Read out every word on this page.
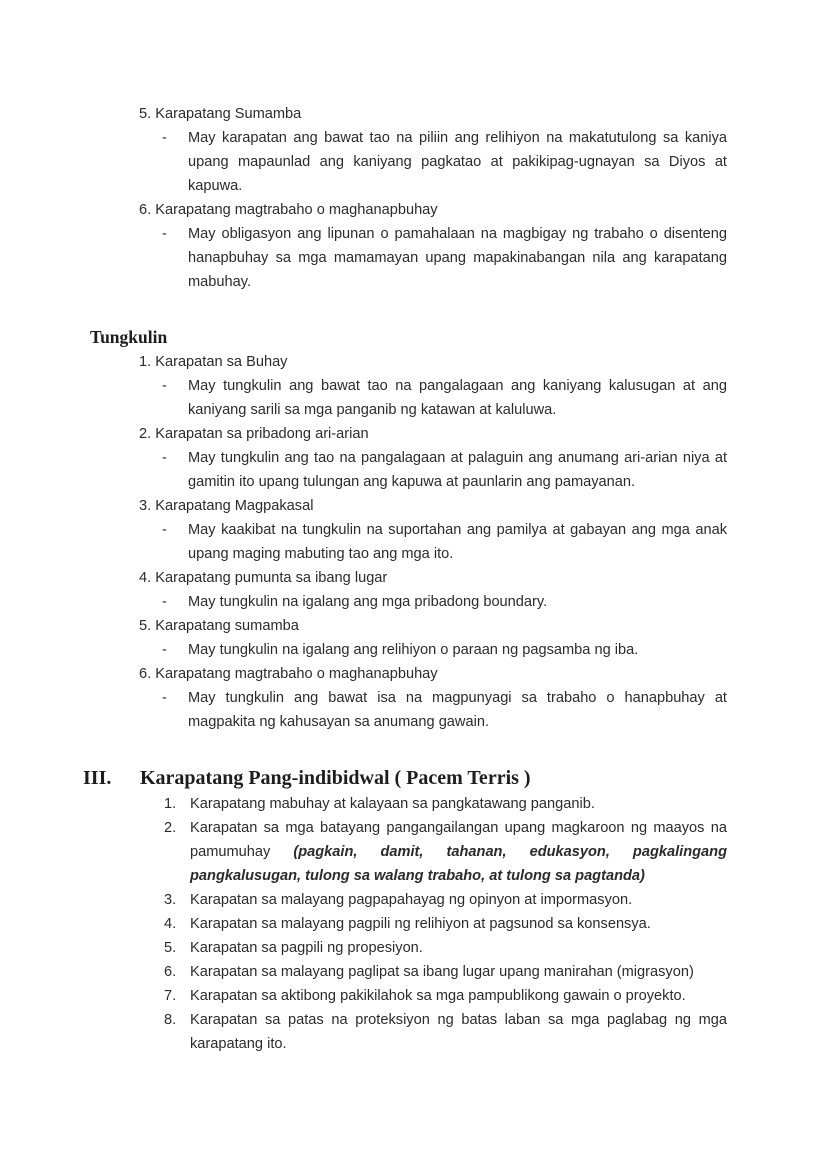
5. Karapatang Sumamba

-	May karapatan ang bawat tao na piliin ang relihiyon na makatutulong sa kaniya upang mapaunlad ang kaniyang pagkatao at pakikipag-ugnayan sa Diyos at kapuwa.

6. Karapatang magtrabaho o maghanapbuhay

-	May obligasyon ang lipunan o pamahalaan na magbigay ng trabaho o disenteng hanapbuhay sa mga mamamayan upang mapakinabangan nila ang karapatang mabuhay.

Tungkulin

1. Karapatan sa Buhay

-	May tungkulin ang bawat tao na pangalagaan ang kaniyang kalusugan at ang kaniyang sarili sa mga panganib ng katawan at kaluluwa.

2. Karapatan sa pribadong ari-arian

-	May tungkulin ang tao na pangalagaan at palaguin ang anumang ari-arian niya at gamitin ito upang tulungan ang kapuwa at paunlarin ang pamayanan.

3. Karapatang Magpakasal

-	May kaakibat na tungkulin na suportahan ang pamilya at gabayan ang mga anak upang maging mabuting tao ang mga ito.

4. Karapatang pumunta sa ibang lugar

-	May tungkulin na igalang ang mga pribadong boundary.

5. Karapatang sumamba

-	May tungkulin na igalang ang relihiyon o paraan ng pagsamba ng iba.

6. Karapatang magtrabaho o maghanapbuhay

-	May tungkulin ang bawat isa na magpunyagi sa trabaho o hanapbuhay at magpakita ng kahusayan sa anumang gawain.

III. Karapatang Pang-indibidwal ( Pacem Terris )

1. Karapatang mabuhay at kalayaan sa pangkatawang panganib.

2. Karapatan sa mga batayang pangangailangan upang magkaroon ng maayos na pamumuhay (pagkain, damit, tahanan, edukasyon, pagkalingang pangkalusugan, tulong sa walang trabaho, at tulong sa pagtanda)

3. Karapatan sa malayang pagpapahayag ng opinyon at impormasyon.

4. Karapatan sa malayang pagpili ng relihiyon at pagsunod sa konsensya.

5. Karapatan sa pagpili ng propesiyon.

6. Karapatan sa malayang paglipat sa ibang lugar upang manirahan (migrasyon)

7. Karapatan sa aktibong pakikilahok sa mga pampublikong gawain o proyekto.

8. Karapatan sa patas na proteksiyon ng batas laban sa mga paglabag ng mga karapatang ito.
